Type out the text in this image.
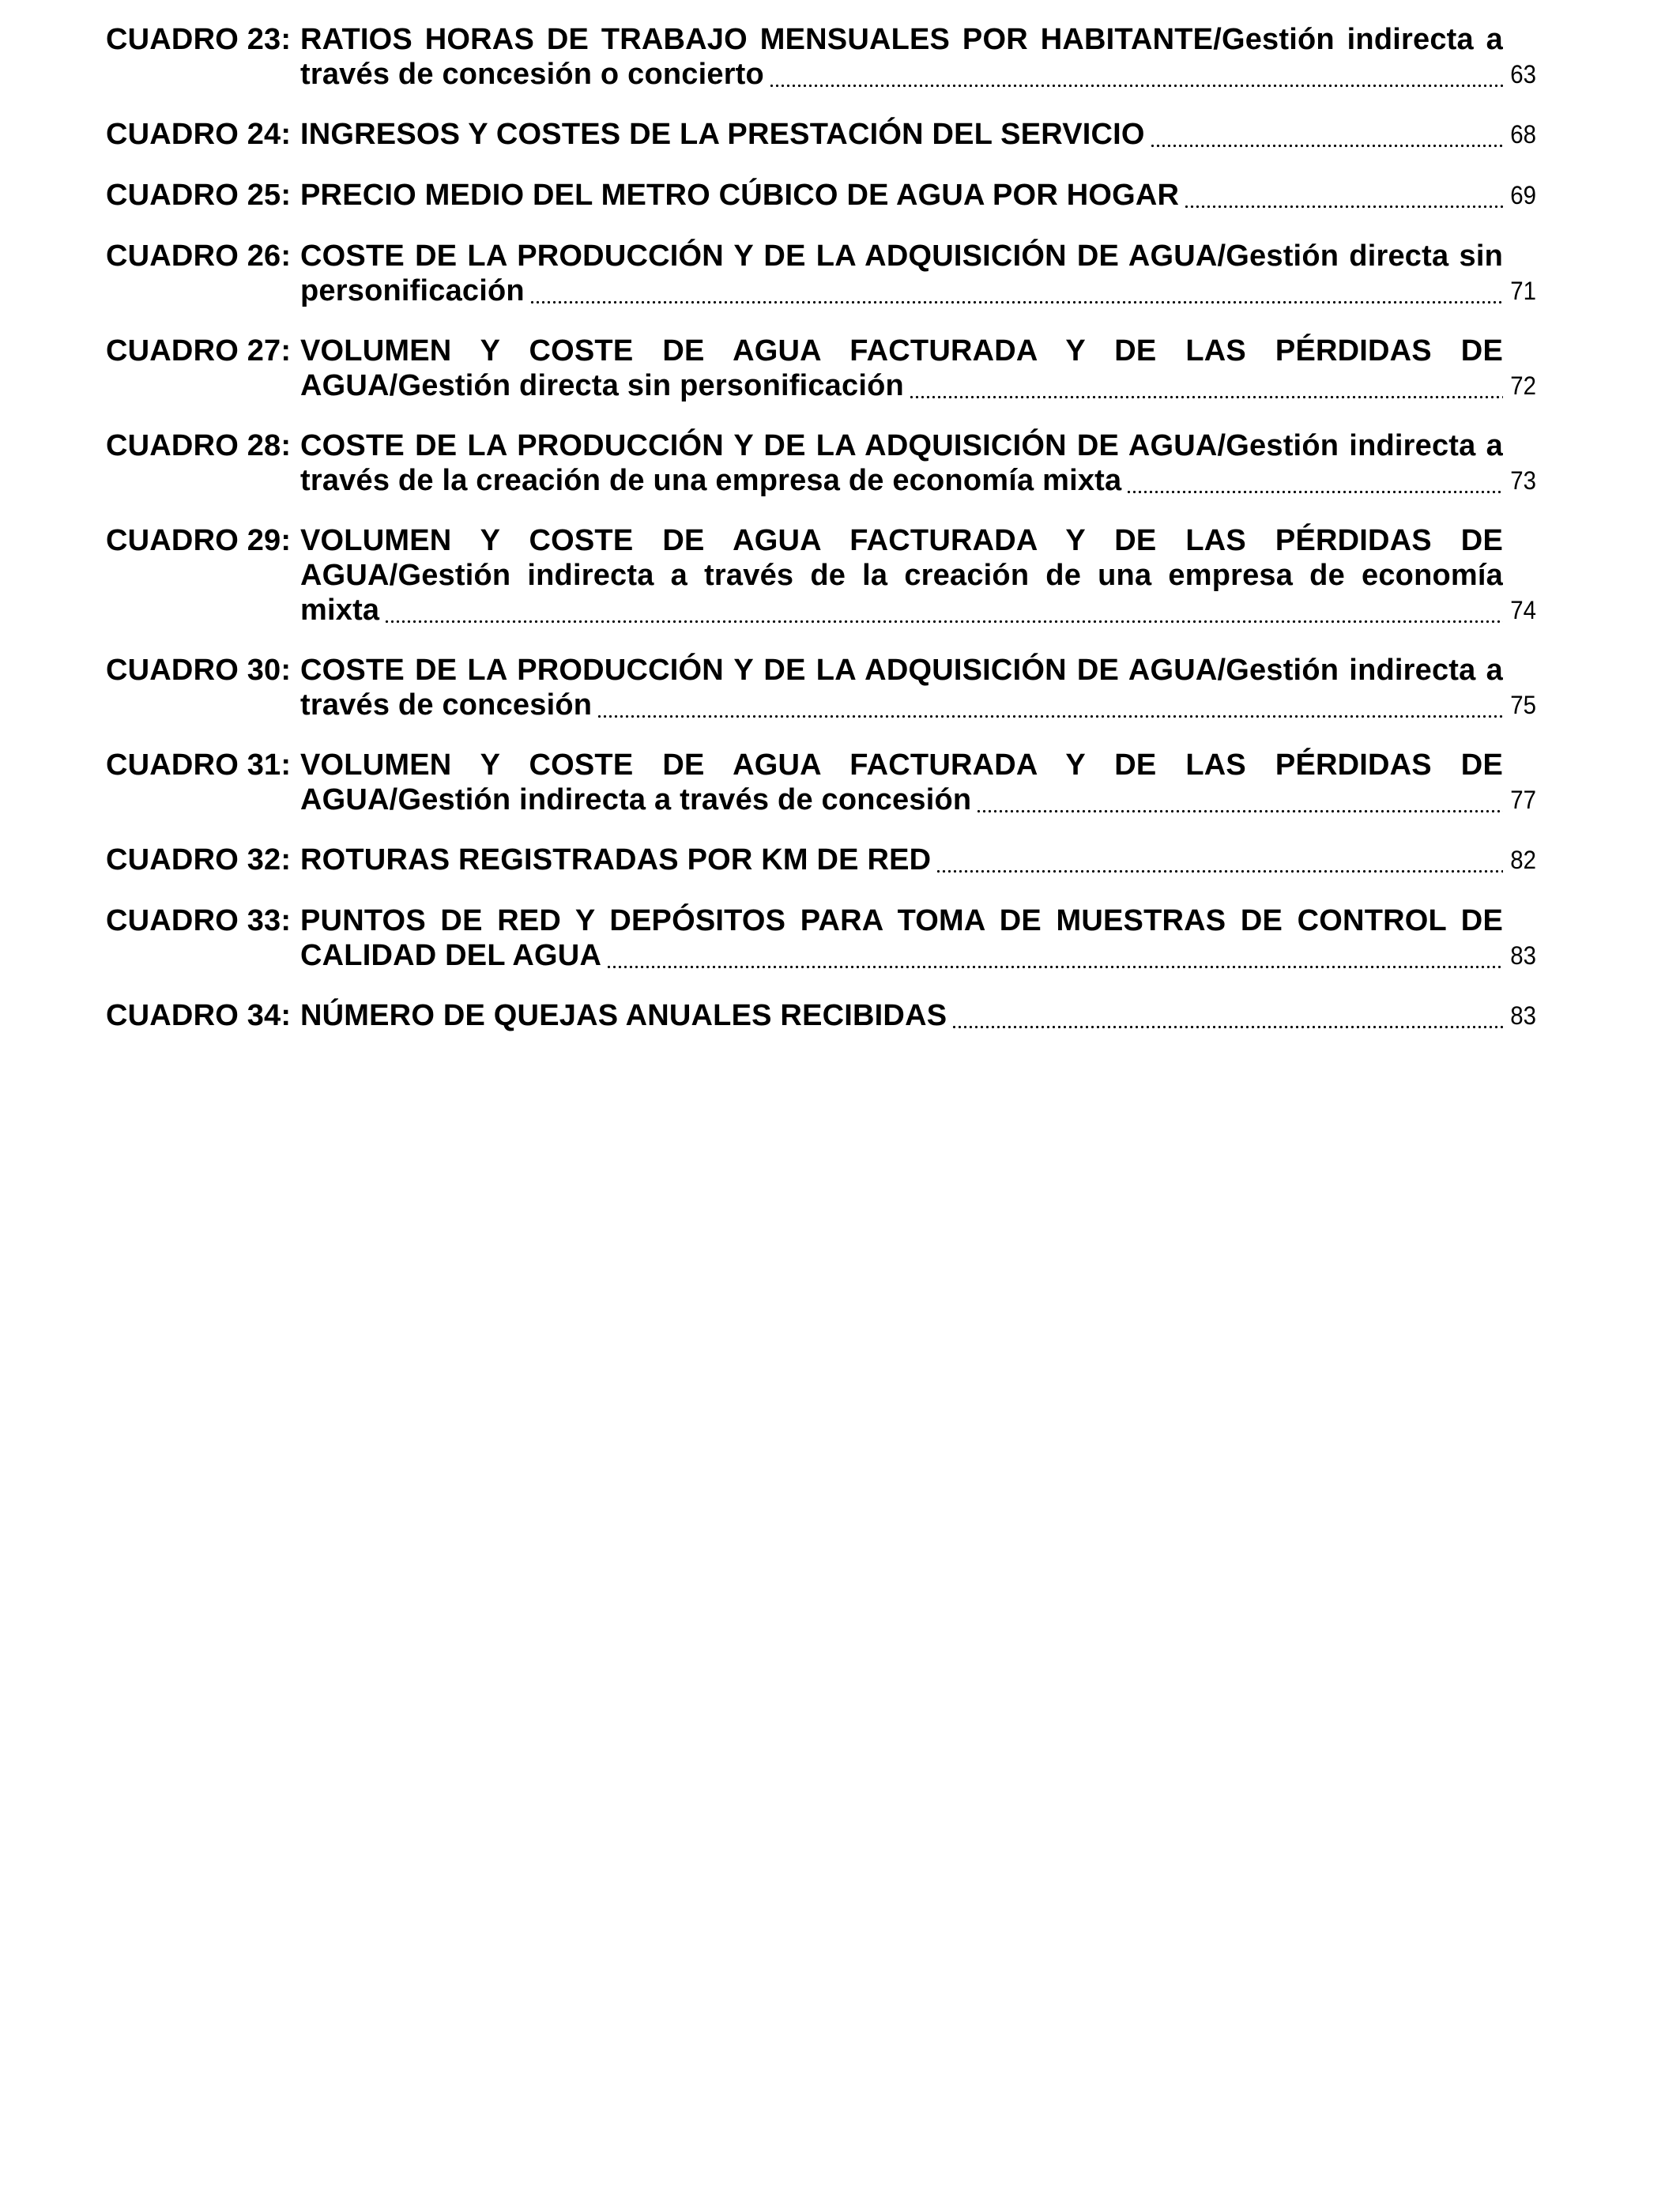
CUADRO 23: RATIOS HORAS DE TRABAJO MENSUALES POR HABITANTE/Gestión indirecta a
través de concesión o concierto	63
CUADRO 24: INGRESOS Y COSTES DE LA PRESTACIÓN DEL SERVICIO	68
CUADRO 25: PRECIO MEDIO DEL METRO CÚBICO DE AGUA POR HOGAR	69
CUADRO 26: COSTE DE LA PRODUCCIÓN Y DE LA ADQUISICIÓN DE AGUA/Gestión directa sin
personificación	71
CUADRO 27: VOLUMEN Y COSTE DE AGUA FACTURADA Y DE LAS PÉRDIDAS DE
AGUA/Gestión directa sin personificación	72
CUADRO 28: COSTE DE LA PRODUCCIÓN Y DE LA ADQUISICIÓN DE AGUA/Gestión indirecta a
través de la creación de una empresa de economía mixta	73
CUADRO 29: VOLUMEN Y COSTE DE AGUA FACTURADA Y DE LAS PÉRDIDAS DE
AGUA/Gestión indirecta a través de la creación de una empresa de economía
mixta	74
CUADRO 30: COSTE DE LA PRODUCCIÓN Y DE LA ADQUISICIÓN DE AGUA/Gestión indirecta a
través de concesión	75
CUADRO 31: VOLUMEN Y COSTE DE AGUA FACTURADA Y DE LAS PÉRDIDAS DE
AGUA/Gestión indirecta a través de concesión	77
CUADRO 32: ROTURAS REGISTRADAS POR KM DE RED	82
CUADRO 33: PUNTOS DE RED Y DEPÓSITOS PARA TOMA DE MUESTRAS DE CONTROL DE
CALIDAD DEL AGUA	83
CUADRO 34: NÚMERO DE QUEJAS ANUALES RECIBIDAS	83
